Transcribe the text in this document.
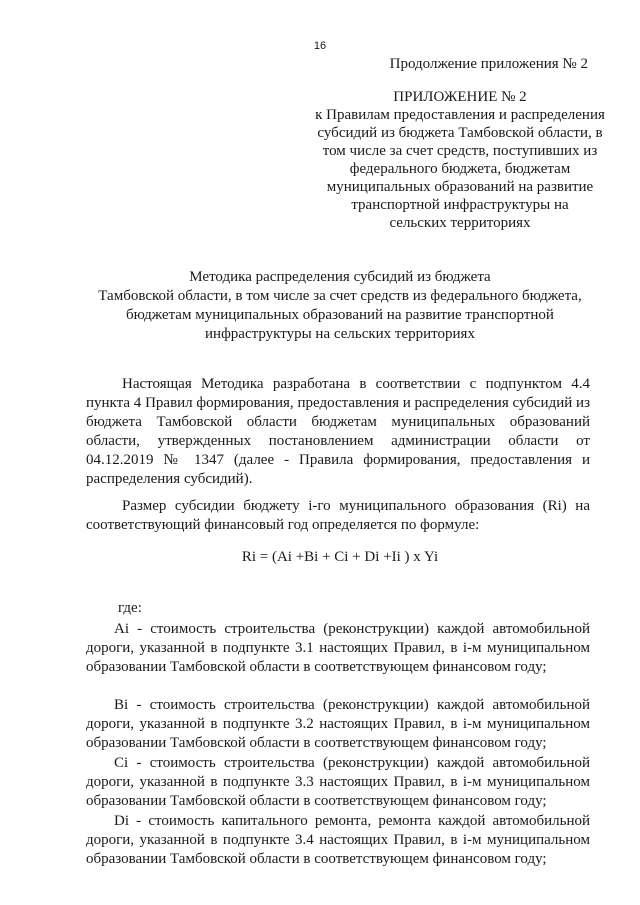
16
Продолжение приложения № 2
ПРИЛОЖЕНИЕ № 2
к Правилам предоставления и распределения
субсидий из бюджета Тамбовской области, в
том числе за счет средств, поступивших из
федерального бюджета, бюджетам
муниципальных образований на развитие
транспортной инфраструктуры на
сельских территориях
Методика распределения субсидий из бюджета
Тамбовской области, в том числе за счет средств из федерального бюджета,
бюджетам муниципальных образований на развитие транспортной
инфраструктуры на сельских территориях
Настоящая Методика разработана в соответствии с подпунктом 4.4 пункта 4 Правил формирования, предоставления и распределения субсидий из бюджета Тамбовской области бюджетам муниципальных образований области, утвержденных постановлением администрации области от 04.12.2019 № 1347 (далее - Правила формирования, предоставления и распределения субсидий).
Размер субсидии бюджету i-го муниципального образования (Ri) на соответствующий финансовый год определяется по формуле:
Ri = (Ai +Bi + Ci + Di +Ii ) x Yi
где:
Ai - стоимость строительства (реконструкции) каждой автомобильной дороги, указанной в подпункте 3.1 настоящих Правил, в i-м муниципальном образовании Тамбовской области в соответствующем финансовом году;
Bi - стоимость строительства (реконструкции) каждой автомобильной дороги, указанной в подпункте 3.2 настоящих Правил, в i-м муниципальном образовании Тамбовской области в соответствующем финансовом году;
Ci - стоимость строительства (реконструкции) каждой автомобильной дороги, указанной в подпункте 3.3 настоящих Правил, в i-м муниципальном образовании Тамбовской области в соответствующем финансовом году;
Di - стоимость капитального ремонта, ремонта каждой автомобильной дороги, указанной в подпункте 3.4 настоящих Правил, в i-м муниципальном образовании Тамбовской области в соответствующем финансовом году;
